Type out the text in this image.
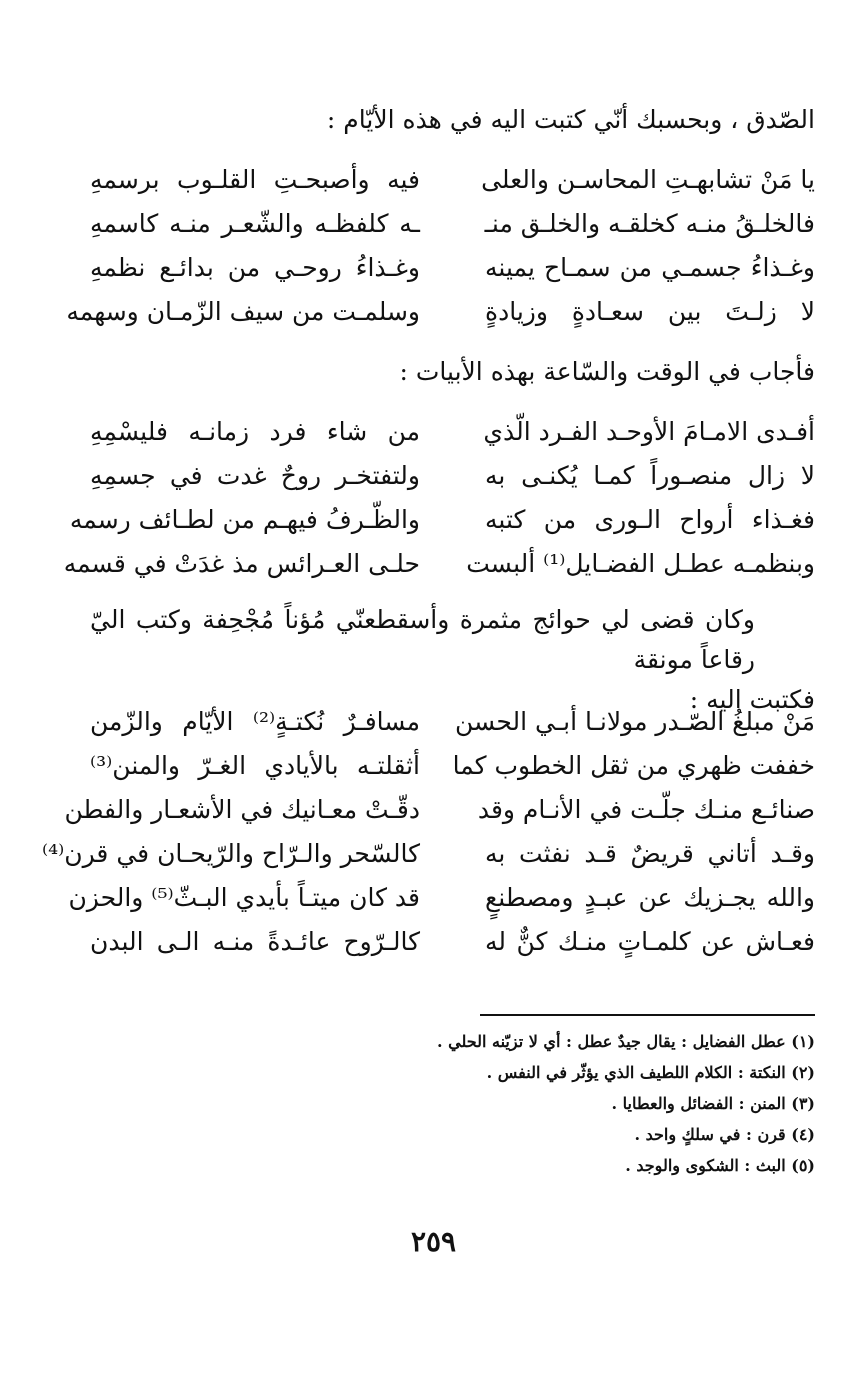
الصّدق ، وبحسبك أنّي كتبت اليه في هذه الأيّام :
يا مَنْ تشابهـتِ المحاسـن والعلى
فيه وأصبحـتِ القلـوب برسمهِ
فالخلـقُ منـه كخلقـه والخلـق منـ
ـه كلفظـه والشّعـر منـه كاسمهِ
وغـذاءُ جسمـي من سمـاح يمينه
وغـذاءُ روحـي من بدائـع نظمهِ
لا زلـتَ بين سعـادةٍ وزيادةٍ
وسلمـت من سيف الزّمـان وسهمه
فأجاب في الوقت والسّاعة بهذه الأبيات :
أفـدى الامـامَ الأوحـد الفـرد الّذي
من شاء فرد زمانـه فليسْمِهِ
لا زال منصـوراً كمـا يُكنـى به
ولتفتخـر روحٌ غدت في جسمِهِ
فغـذاء أرواح الـورى من كتبه
والظّـرفُ فيهـم من لطـائف رسمه
وبنظمـه عطـل الفضـايل⁽¹⁾ ألبست
حلـى العـرائس مذ غدَتْ في قسمه
وكان قضى لي حوائج مثمرة وأسقطعنّي مُؤناً مُجْحِفة وكتب اليّ رقاعاً مونقة
فكتبت اليه :
مَنْ مبلغُ الصّـدر مولانـا أبـي الحسن
مسافـرٌ نُكتـةٍ⁽²⁾ الأيّام والزّمن
خففت ظهري من ثقل الخطوب كما
أثقلتـه بالأيادي الغـرّ والمنن⁽³⁾
صنائـع منـك جلّـت في الأنـام وقد
دقّـتْ معـانيك في الأشعـار والفطن
وقـد أتاني قريضٌ قـد نفثت به
كالسّحر والـرّاح والرّيحـان في قرن⁽⁴⁾
والله يجـزيك عن عبـدٍ ومصطنعٍ
قد كان ميتـاً بأيدي البـثّ⁽⁵⁾ والحزن
فعـاش عن كلمـاتٍ منـك كنٌّ له
كالـرّوح عائـدةً منـه الـى البدن
(١) عطل الفضايل : يقال جيدٌ عطل : أي لا تزيّنه الحلي .
(٢) النكتة : الكلام اللطيف الذي يؤثّر في النفس .
(٣) المنن : الفضائل والعطايا .
(٤) قرن : في سلكٍ واحد .
(٥) البث : الشكوى والوجد .
٢٥٩
